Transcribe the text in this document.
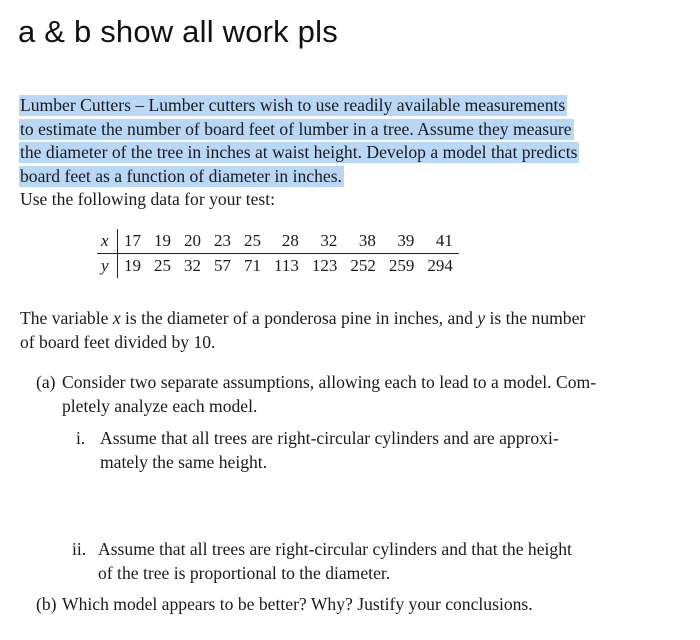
a & b show all work pls
Lumber Cutters – Lumber cutters wish to use readily available measurements
to estimate the number of board feet of lumber in a tree. Assume they measure
the diameter of the tree in inches at waist height. Develop a model that predicts
board feet as a function of diameter in inches.
Use the following data for your test:
x	17	19	20	23	25	28	32	38	39	41
y	19	25	32	57	71	113	123	252	259	294
The variable x is the diameter of a ponderosa pine in inches, and y is the number
of board feet divided by 10.
(a) Consider two separate assumptions, allowing each to lead to a model. Com-

pletely analyze each model.
i. Assume that all trees are right-circular cylinders and are approxi-

mately the same height.
ii. Assume that all trees are right-circular cylinders and that the height

of the tree is proportional to the diameter.
(b) Which model appears to be better? Why? Justify your conclusions.
